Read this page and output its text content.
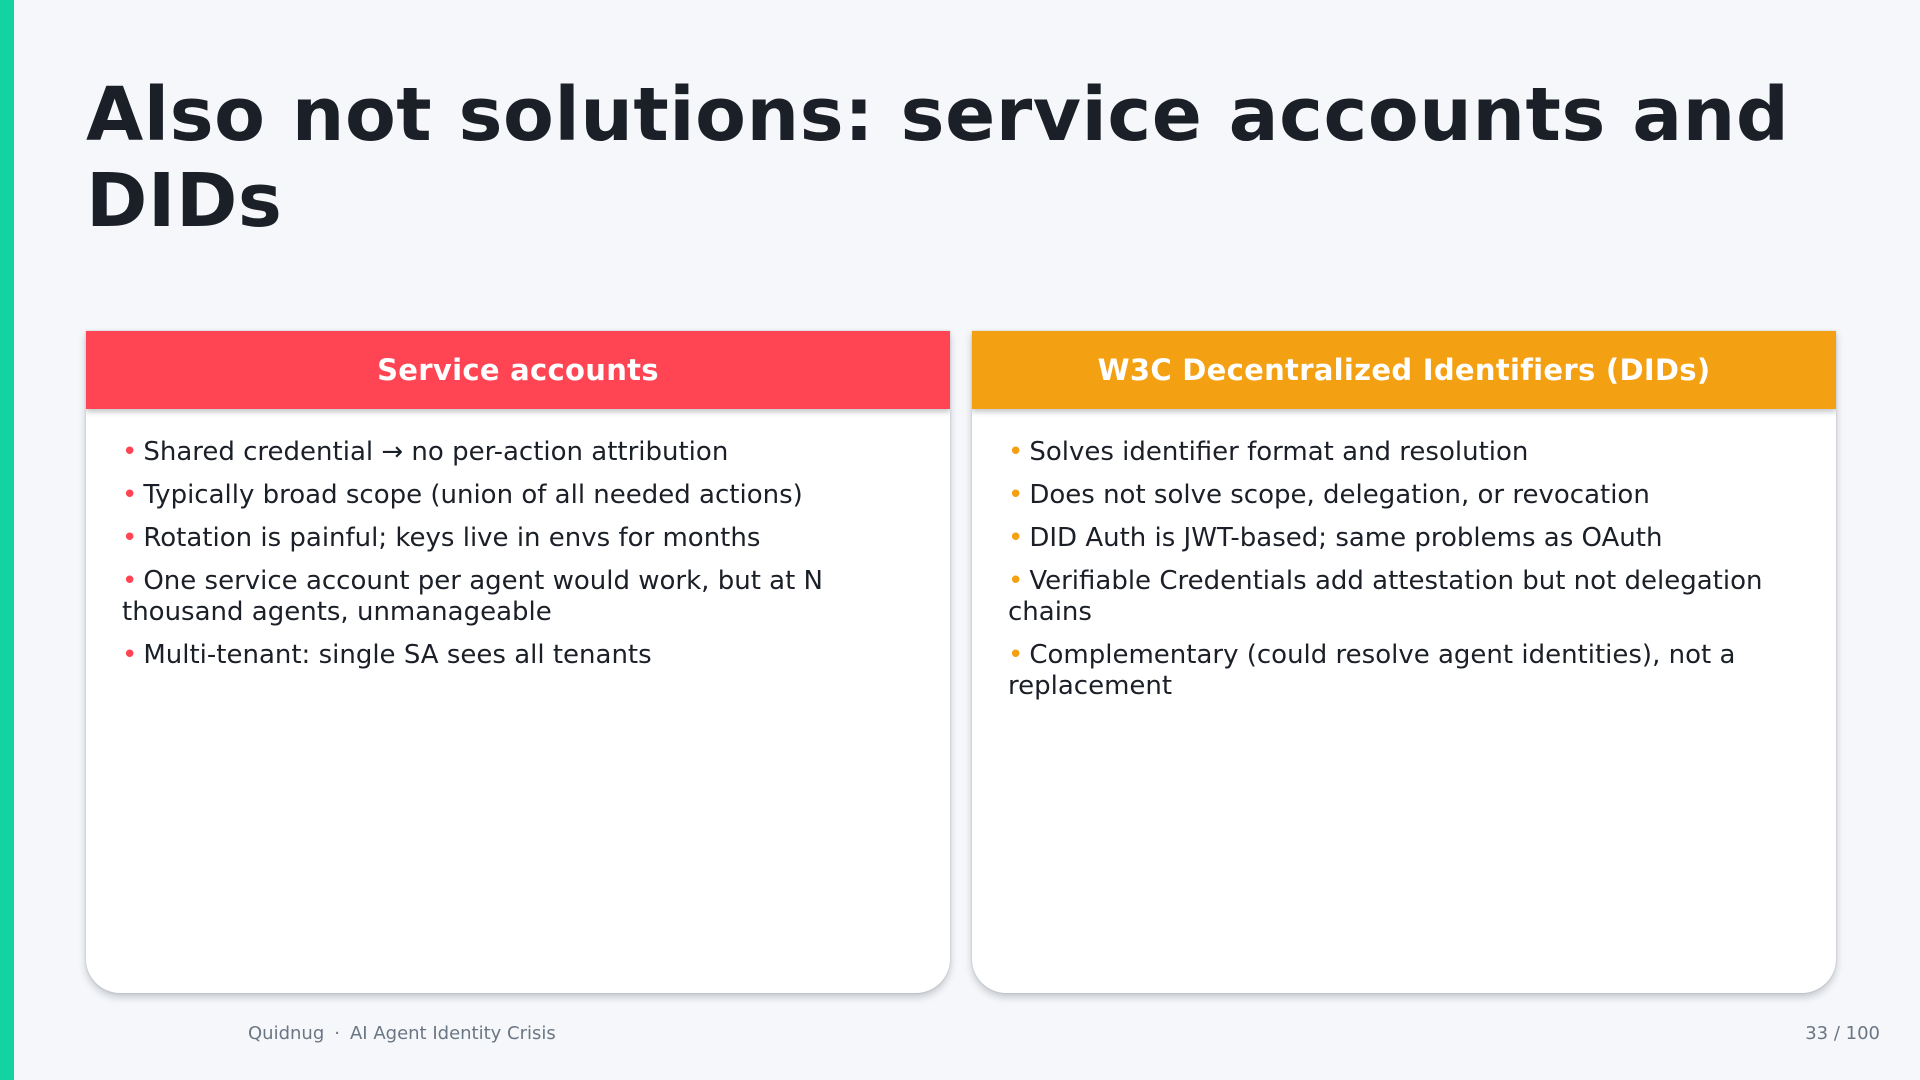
Also not solutions: service accounts and DIDs
Service accounts
• Shared credential → no per-action attribution
• Typically broad scope (union of all needed actions)
• Rotation is painful; keys live in envs for months
• One service account per agent would work, but at N thousand agents, unmanageable
• Multi-tenant: single SA sees all tenants
W3C Decentralized Identifiers (DIDs)
• Solves identifier format and resolution
• Does not solve scope, delegation, or revocation
• DID Auth is JWT-based; same problems as OAuth
• Verifiable Credentials add attestation but not delegation chains
• Complementary (could resolve agent identities), not a replacement
Quidnug · AI Agent Identity Crisis	33 / 100
